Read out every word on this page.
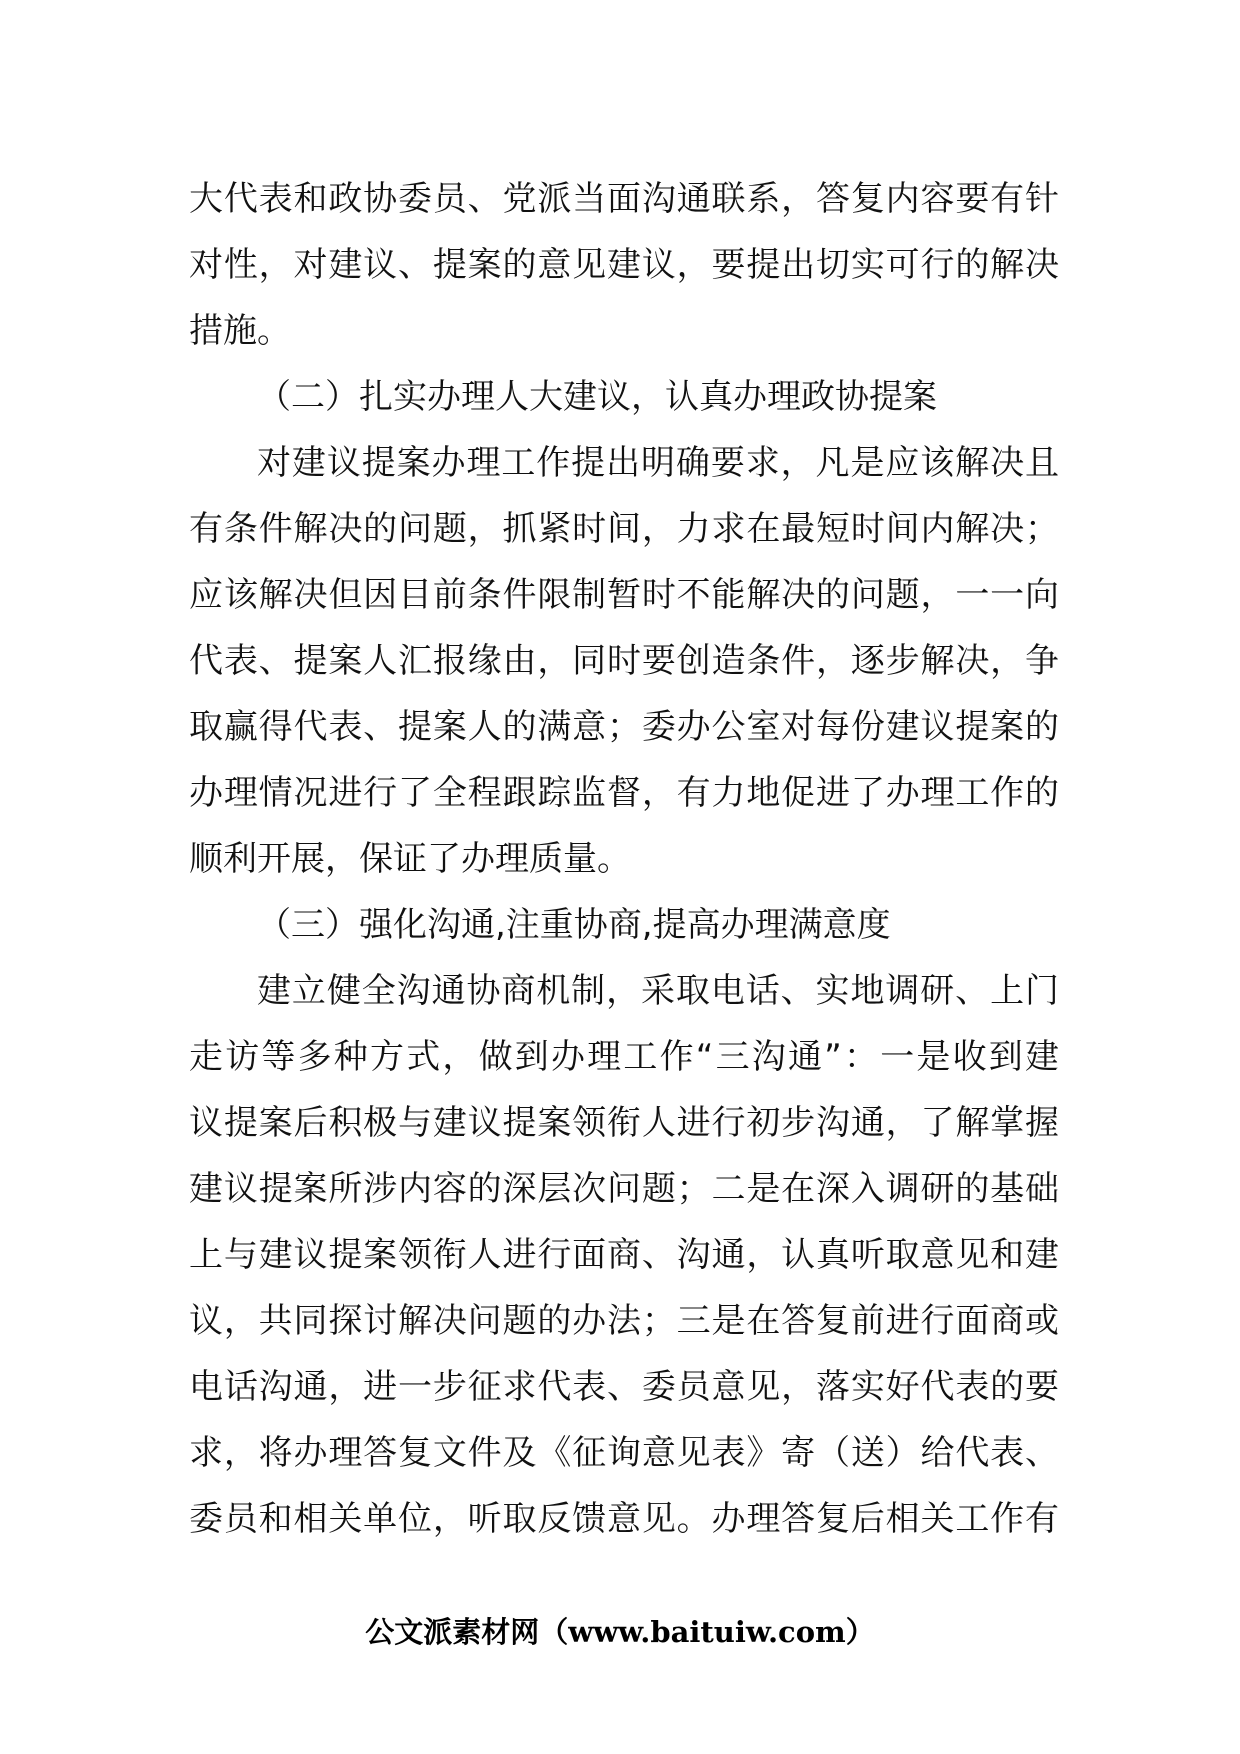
大代表和政协委员、党派当面沟通联系，答复内容要有针
对性，对建议、提案的意见建议，要提出切实可行的解决
措施。
（二）扎实办理人大建议，认真办理政协提案
对建议提案办理工作提出明确要求，凡是应该解决且
有条件解决的问题，抓紧时间，力求在最短时间内解决；
应该解决但因目前条件限制暂时不能解决的问题，一一向
代表、提案人汇报缘由，同时要创造条件，逐步解决，争
取赢得代表、提案人的满意；委办公室对每份建议提案的
办理情况进行了全程跟踪监督，有力地促进了办理工作的
顺利开展，保证了办理质量。
（三）强化沟通,注重协商,提高办理满意度
建立健全沟通协商机制，采取电话、实地调研、上门
走访等多种方式，做到办理工作“三沟通”：一是收到建
议提案后积极与建议提案领衔人进行初步沟通，了解掌握
建议提案所涉内容的深层次问题；二是在深入调研的基础
上与建议提案领衔人进行面商、沟通，认真听取意见和建
议，共同探讨解决问题的办法；三是在答复前进行面商或
电话沟通，进一步征求代表、委员意见，落实好代表的要
求，将办理答复文件及《征询意见表》寄（送）给代表、
委员和相关单位，听取反馈意见。办理答复后相关工作有
公文派素材网（www.baituiw.com）
